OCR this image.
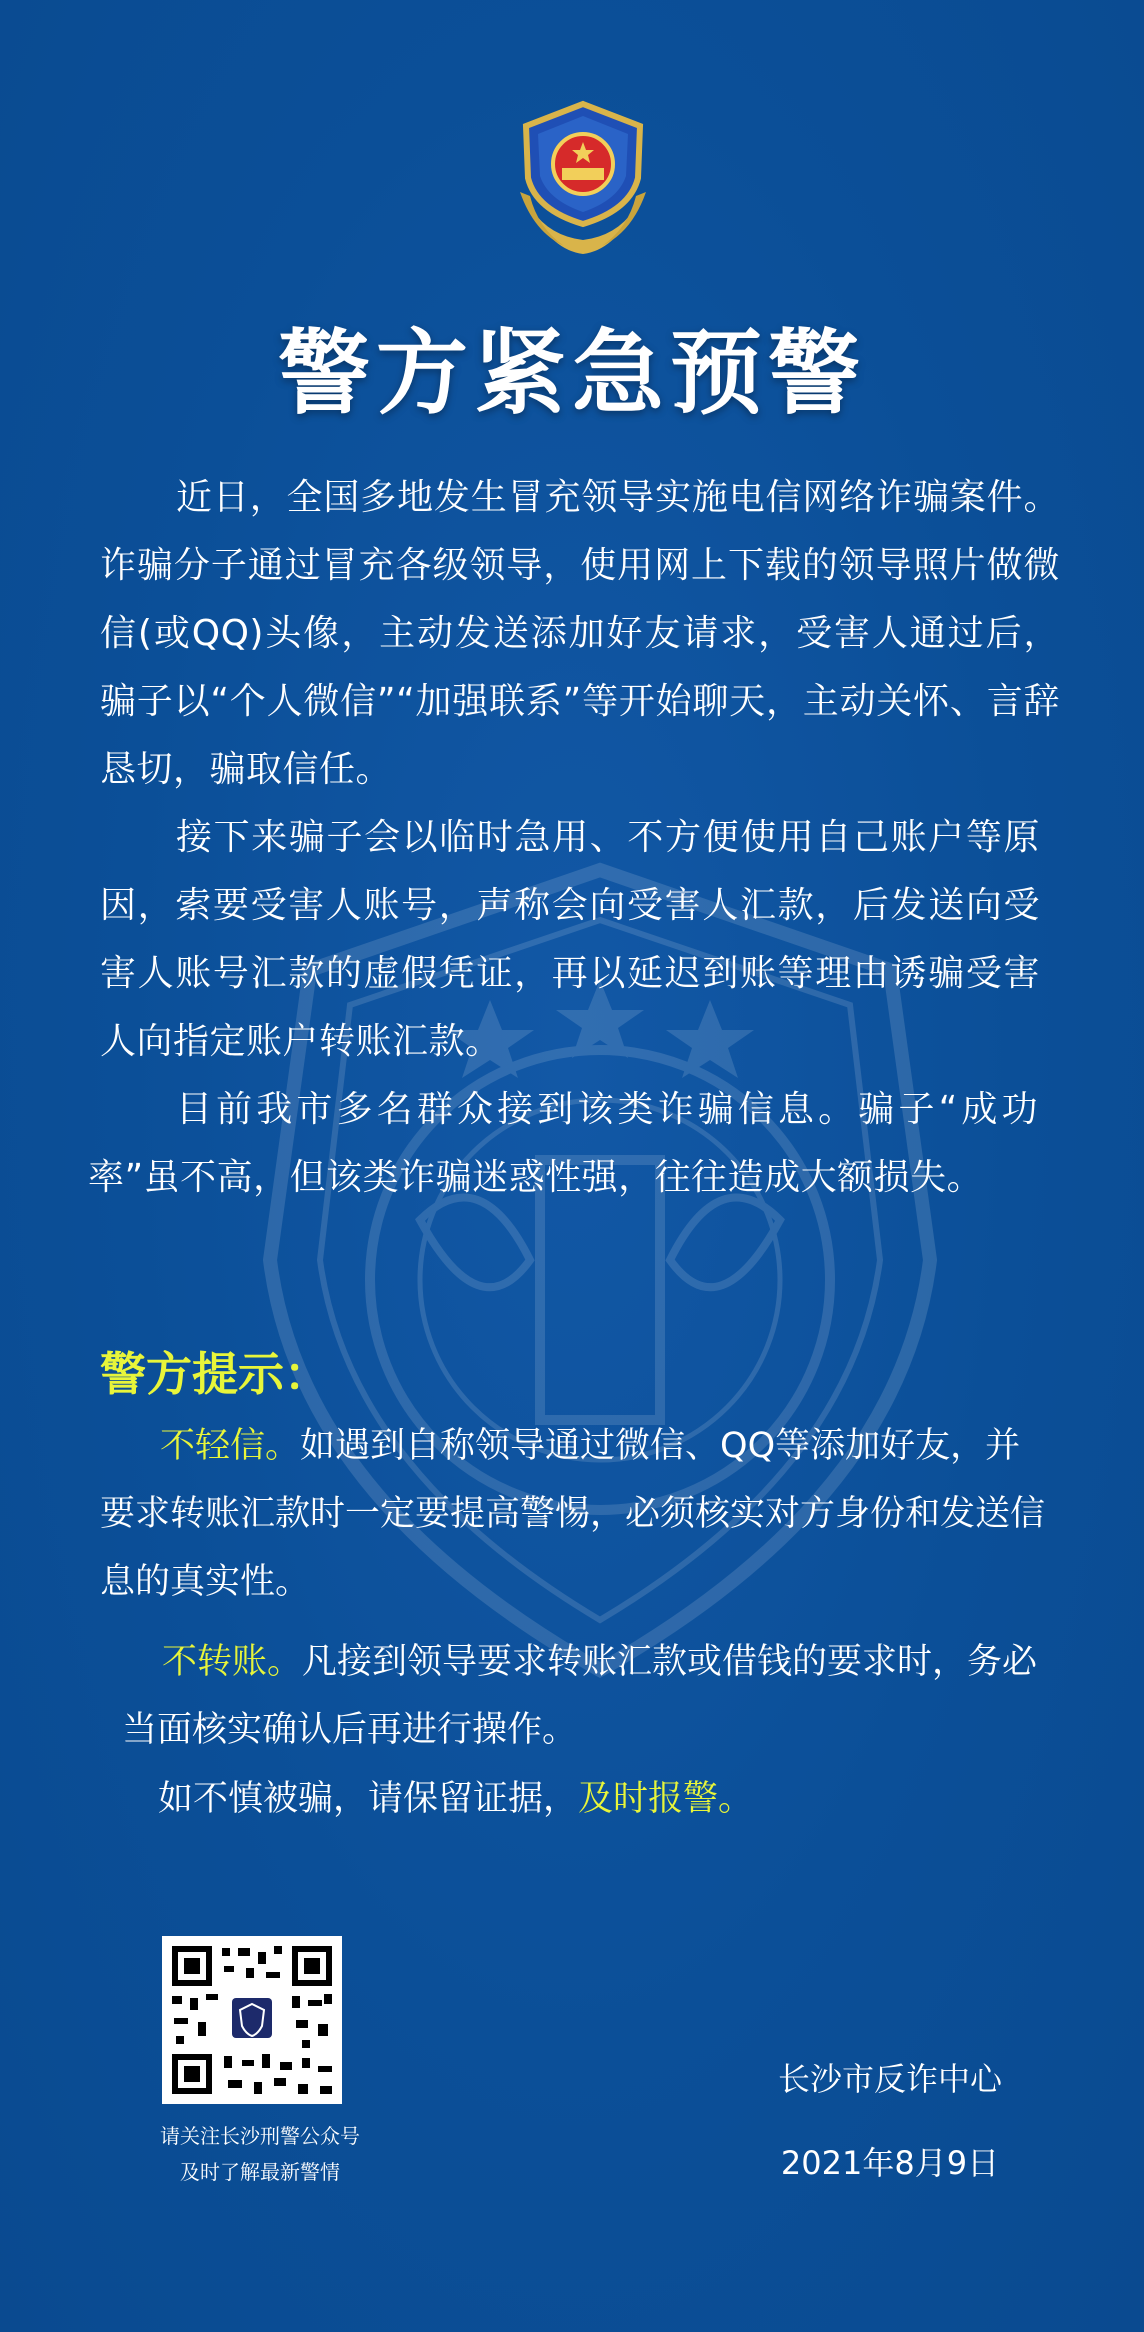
警方紧急预警

近日，全国多地发生冒充领导实施电信网络诈骗案件。诈骗分子通过冒充各级领导，使用网上下载的领导照片做微信(或QQ)头像，主动发送添加好友请求，受害人通过后，骗子以“个人微信”“加强联系”等开始聊天，主动关怀、言辞恳切，骗取信任。

接下来骗子会以临时急用、不方便使用自己账户等原因，索要受害人账号，声称会向受害人汇款，后发送向受害人账号汇款的虚假凭证，再以延迟到账等理由诱骗受害人向指定账户转账汇款。

目前我市多名群众接到该类诈骗信息。骗子“成功率”虽不高，但该类诈骗迷惑性强，往往造成大额损失。

警方提示：

不轻信。如遇到自称领导通过微信、QQ等添加好友，并要求转账汇款时一定要提高警惕，必须核实对方身份和发送信息的真实性。

不转账。凡接到领导要求转账汇款或借钱的要求时，务必当面核实确认后再进行操作。

如不慎被骗，请保留证据，及时报警。

请关注长沙刑警公众号
及时了解最新警情
长沙市反诈中心
2021年8月9日
